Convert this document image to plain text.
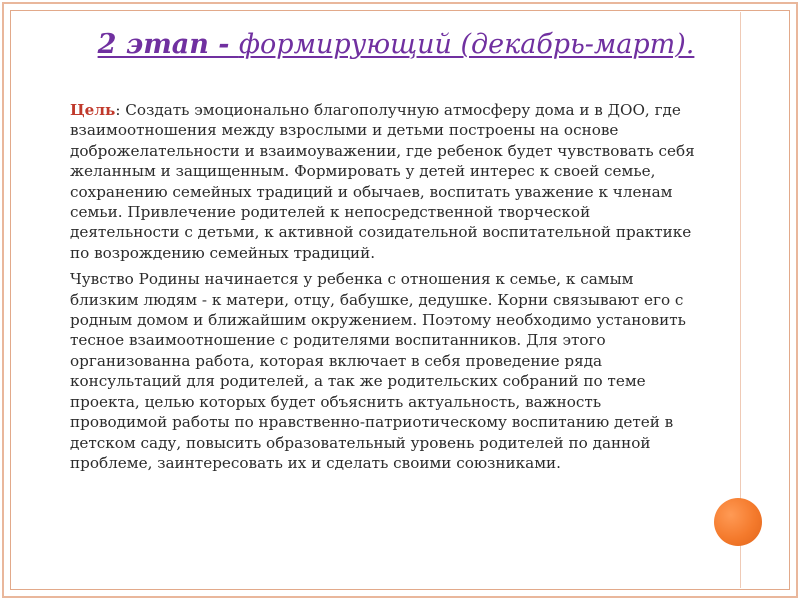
2 этап - формирующий (декабрь-март).

Цель: Создать эмоционально благополучную атмосферу дома и в ДОО, где взаимоотношения между взрослыми и детьми построены на основе доброжелательности и взаимоуважении, где ребенок будет чувствовать себя желанным и защищенным. Формировать у детей интерес к своей семье, сохранению семейных традиций и обычаев, воспитать уважение к членам семьи. Привлечение родителей к непосредственной творческой деятельности с детьми, к активной созидательной воспитательной практике по возрождению семейных традиций.

Чувство Родины начинается у ребенка с отношения к семье, к самым близким людям - к матери, отцу, бабушке, дедушке. Корни связывают его с родным домом и ближайшим окружением. Поэтому необходимо установить тесное взаимоотношение с родителями воспитанников. Для этого организованна работа, которая включает в себя проведение ряда консультаций для родителей, а так же родительских собраний по теме проекта, целью которых будет объяснить актуальность, важность проводимой работы по нравственно-патриотическому воспитанию детей в детском саду, повысить образовательный уровень родителей по данной проблеме, заинтересовать их и сделать своими союзниками.
